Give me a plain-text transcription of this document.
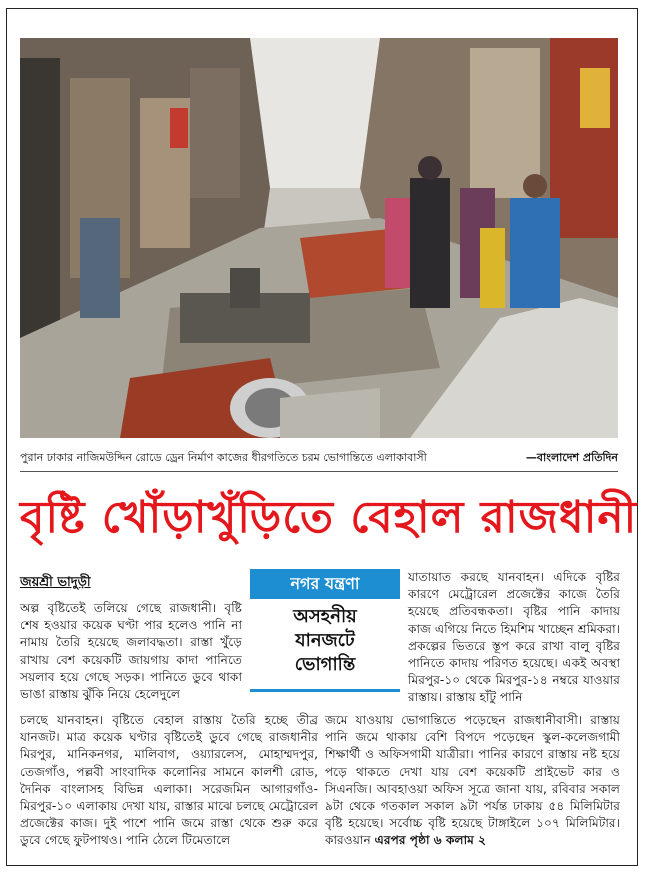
পুরান ঢাকার নাজিমউদ্দিন রোডে ড্রেন নির্মাণ কাজের ধীরগতিতে চরম ভোগান্তিতে এলাকাবাসী	—বাংলাদেশ প্রতিদিন
বৃষ্টি খোঁড়াখুঁড়িতে বেহাল রাজধানী
জয়শ্রী ভাদুড়ী	নগর যন্ত্রণা
অসহনীয়
যানজটে
ভোগান্তি

অল্প বৃষ্টিতেই তলিয়ে গেছে রাজধানী। বৃষ্টি শেষ হওয়ার কয়েক ঘণ্টা পার হলেও পানি না নামায় তৈরি হয়েছে জলাবদ্ধতা। রাস্তা খুঁড়ে রাখায় বেশ কয়েকটি জায়গায় কাদা পানিতে সয়লাব হয়ে গেছে সড়ক। পানিতে ডুবে থাকা ভাঙা রাস্তায় ঝুঁকি নিয়ে হেলেদুলে

যাতায়াত করছে যানবাহন। এদিকে বৃষ্টির কারণে মেট্রোরেল প্রজেক্টের কাজে তৈরি হয়েছে প্রতিবন্ধকতা। বৃষ্টির পানি কাদায় কাজ এগিয়ে নিতে হিমশিম খাচ্ছেন শ্রমিকরা। প্রকল্পের ভিতরে স্তূপ করে রাখা বালু বৃষ্টির পানিতে কাদায় পরিণত হয়েছে। একই অবস্থা মিরপুর-১০ থেকে মিরপুর-১৪ নম্বরে যাওয়ার রাস্তায়। রাস্তায় হাঁটু পানি

চলছে যানবাহন। বৃষ্টিতে বেহাল রাস্তায় তৈরি হচ্ছে তীব্র যানজট। মাত্র কয়েক ঘণ্টার বৃষ্টিতেই ডুবে গেছে রাজধানীর মিরপুর, মানিকনগর, মালিবাগ, ওয়্যারলেস, মোহাম্মদপুর, তেজগাঁও, পল্লবী সাংবাদিক কলোনির সামনে কালশী রোড, দৈনিক বাংলাসহ বিভিন্ন এলাকা। সরেজমিন আগারগাঁও-মিরপুর-১০ এলাকায় দেখা যায়, রাস্তার মাঝে চলছে মেট্রোরেল প্রজেক্টের কাজ। দুই পাশে পানি জমে রাস্তা থেকে শুরু করে ডুবে গেছে ফুটপাথও। পানি ঠেলে টিমেতালে

জমে যাওয়ায় ভোগান্তিতে পড়েছেন রাজধানীবাসী। রাস্তায় পানি জমে থাকায় বেশি বিপদে পড়েছেন স্কুল-কলেজগামী শিক্ষার্থী ও অফিসগামী যাত্রীরা। পানির কারণে রাস্তায় নষ্ট হয়ে পড়ে থাকতে দেখা যায় বেশ কয়েকটি প্রাইভেট কার ও সিএনজি। আবহাওয়া অফিস সূত্রে জানা যায়, রবিবার সকাল ৯টা থেকে গতকাল সকাল ৯টা পর্যন্ত ঢাকায় ৫৪ মিলিমিটার বৃষ্টি হয়েছে। সর্বোচ্চ বৃষ্টি হয়েছে টাঙ্গাইলে ১০৭ মিলিমিটার। কারওয়ান এরপর পৃষ্ঠা ৬ কলাম ২
